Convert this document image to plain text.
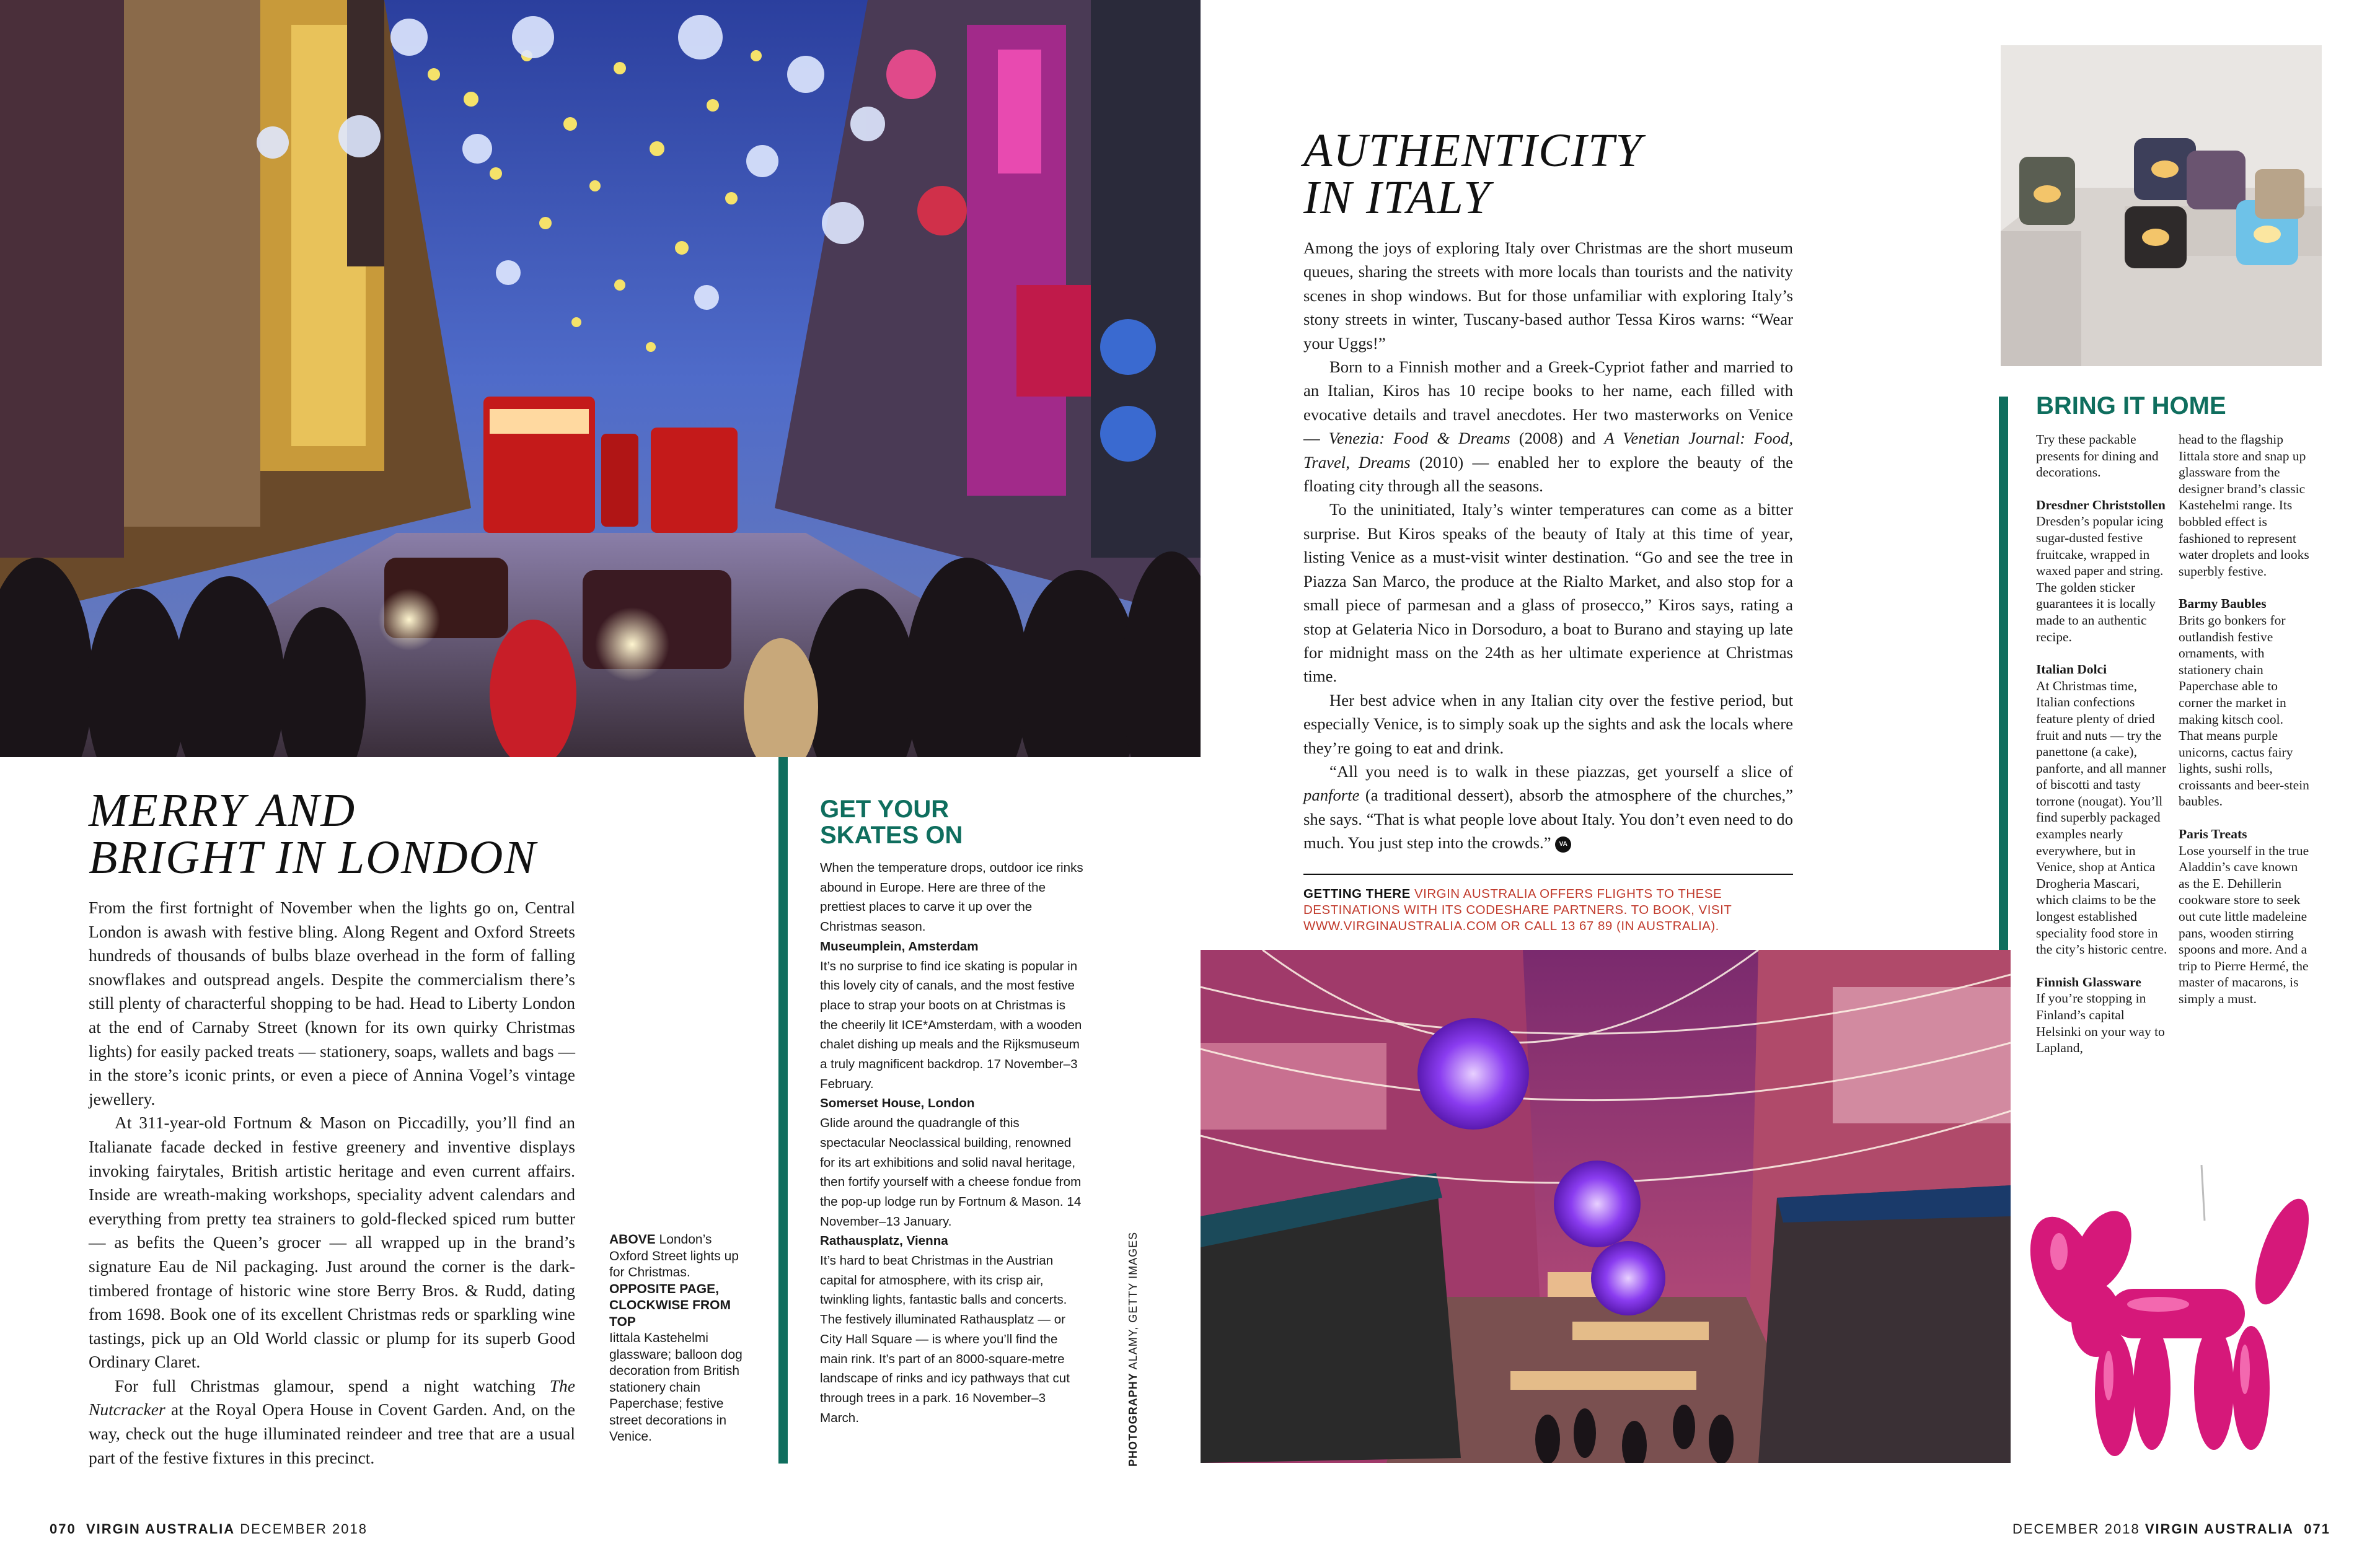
MERRY AND
BRIGHT IN LONDON

From the first fortnight of November when the lights go on, Central London is awash with festive bling. Along Regent and Oxford Streets hundreds of thousands of bulbs blaze overhead in the form of falling snowflakes and outspread angels. Despite the commercialism there’s still plenty of characterful shopping to be had. Head to Liberty London at the end of Carnaby Street (known for its own quirky Christmas lights) for easily packed treats — stationery, soaps, wallets and bags — in the store’s iconic prints, or even a piece of Annina Vogel’s vintage jewellery.

At 311-year-old Fortnum & Mason on Piccadilly, you’ll find an Italianate facade decked in festive greenery and inventive displays invoking fairytales, British artistic heritage and even current affairs. Inside are wreath-making workshops, speciality advent calendars and everything from pretty tea strainers to gold-flecked spiced rum butter — as befits the Queen’s grocer — all wrapped up in the brand’s signature Eau de Nil packaging. Just around the corner is the dark-timbered frontage of historic wine store Berry Bros. & Rudd, dating from 1698. Book one of its excellent Christmas reds or sparkling wine tastings, pick up an Old World classic or plump for its superb Good Ordinary Claret.

For full Christmas glamour, spend a night watching The Nutcracker at the Royal Opera House in Covent Garden. And, on the way, check out the huge illuminated reindeer and tree that are a usual part of the festive fixtures in this precinct.

ABOVE London’s Oxford Street lights up for Christmas.
OPPOSITE PAGE, CLOCKWISE FROM TOP
Iittala Kastehelmi glassware; balloon dog decoration from British stationery chain Paperchase; festive street decorations in Venice.
GET YOUR
SKATES ON
When the temperature drops, outdoor ice rinks abound in Europe. Here are three of the prettiest places to carve it up over the Christmas season.
Museumplein, Amsterdam
It’s no surprise to find ice skating is popular in this lovely city of canals, and the most festive place to strap your boots on at Christmas is the cheerily lit ICE*Amsterdam, with a wooden chalet dishing up meals and the Rijksmuseum a truly magnificent backdrop. 17 November–3 February.
Somerset House, London
Glide around the quadrangle of this spectacular Neoclassical building, renowned for its art exhibitions and solid naval heritage, then fortify yourself with a cheese fondue from the pop-up lodge run by Fortnum & Mason. 14 November–13 January.
Rathausplatz, Vienna
It’s hard to beat Christmas in the Austrian capital for atmosphere, with its crisp air, twinkling lights, fantastic balls and concerts. The festively illuminated Rathausplatz — or City Hall Square — is where you’ll find the main rink. It’s part of an 8000-square-metre landscape of rinks and icy pathways that cut through trees in a park. 16 November–3 March.	PHOTOGRAPHY ALAMY, GETTY IMAGES
070 VIRGIN AUSTRALIA DECEMBER 2018
AUTHENTICITY
IN ITALY

Among the joys of exploring Italy over Christmas are the short museum queues, sharing the streets with more locals than tourists and the nativity scenes in shop windows. But for those unfamiliar with exploring Italy’s stony streets in winter, Tuscany-based author Tessa Kiros warns: “Wear your Uggs!”

Born to a Finnish mother and a Greek-Cypriot father and married to an Italian, Kiros has 10 recipe books to her name, each filled with evocative details and travel anecdotes. Her two masterworks on Venice — Venezia: Food & Dreams (2008) and A Venetian Journal: Food, Travel, Dreams (2010) — enabled her to explore the beauty of the floating city through all the seasons.

To the uninitiated, Italy’s winter temperatures can come as a bitter surprise. But Kiros speaks of the beauty of Italy at this time of year, listing Venice as a must-visit winter destination. “Go and see the tree in Piazza San Marco, the produce at the Rialto Market, and also stop for a small piece of parmesan and a glass of prosecco,” Kiros says, rating a stop at Gelateria Nico in Dorsoduro, a boat to Burano and staying up late for midnight mass on the 24th as her ultimate experience at Christmas time.

Her best advice when in any Italian city over the festive period, but especially Venice, is to simply soak up the sights and ask the locals where they’re going to eat and drink.

“All you need is to walk in these piazzas, get yourself a slice of panforte (a traditional dessert), absorb the atmosphere of the churches,” she says. “That is what people love about Italy. You don’t even need to do much. You just step into the crowds.” VA

GETTING THERE VIRGIN AUSTRALIA OFFERS FLIGHTS TO THESE DESTINATIONS WITH ITS CODESHARE PARTNERS. TO BOOK, VISIT WWW.VIRGINAUSTRALIA.COM OR CALL 13 67 89 (IN AUSTRALIA).
BRING IT HOME
Try these packable presents for dining and decorations.
Dresdner Christstollen
Dresden’s popular icing sugar-dusted festive fruitcake, wrapped in waxed paper and string. The golden sticker guarantees it is locally made to an authentic recipe.
Italian Dolci
At Christmas time, Italian confections feature plenty of dried fruit and nuts — try the panettone (a cake), panforte, and all manner of biscotti and tasty torrone (nougat). You’ll find superbly packaged examples nearly everywhere, but in Venice, shop at Antica Drogheria Mascari, which claims to be the longest established speciality food store in the city’s historic centre.
Finnish Glassware
If you’re stopping in Finland’s capital Helsinki on your way to Lapland,
head to the flagship Iittala store and snap up glassware from the designer brand’s classic Kastehelmi range. Its bobbled effect is fashioned to represent water droplets and looks superbly festive.
Barmy Baubles
Brits go bonkers for outlandish festive ornaments, with stationery chain Paperchase able to corner the market in making kitsch cool. That means purple unicorns, cactus fairy lights, sushi rolls, croissants and beer-stein baubles.
Paris Treats
Lose yourself in the true Aladdin’s cave known as the E. Dehillerin cookware store to seek out cute little madeleine pans, wooden stirring spoons and more. And a trip to Pierre Hermé, the master of macarons, is simply a must.
DECEMBER 2018 VIRGIN AUSTRALIA 071
